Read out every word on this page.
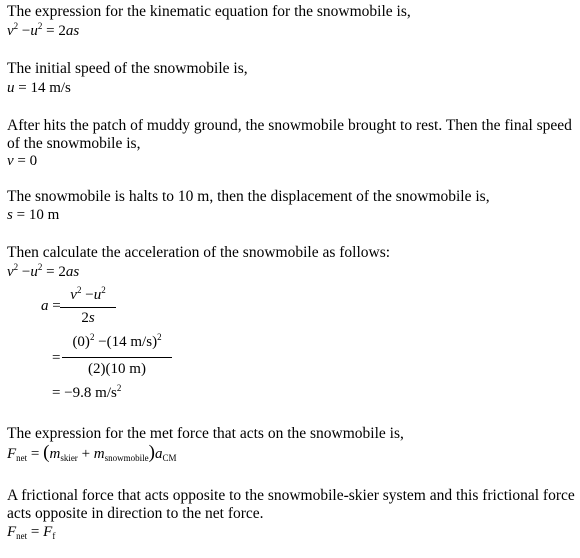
The expression for the kinematic equation for the snowmobile is,
$v^2 -u^2 = 2as$
The initial speed of the snowmobile is,
u = 14 m/s
After hits the patch of muddy ground, the snowmobile brought to rest. Then the final speed
of the snowmobile is,
v = 0
The snowmobile is halts to 10 m, then the displacement of the snowmobile is,
s = 10 m
Then calculate the acceleration of the snowmobile as follows:
$v^2 -u^2 = 2as$
a =
$v^2 -u^2$
2s
=
$(0)^2 -(14$ m/s)$^2$
(2)(10 m)
= −9.8 $m/s^2$
The expression for the met force that acts on the snowmobile is,
$F_{net} = (m_{skier} + m_{snowmobile})a_{CM}$
A frictional force that acts opposite to the snowmobile-skier system and this frictional force
acts opposite in direction to the net force.
$F_{net} = F_f$
